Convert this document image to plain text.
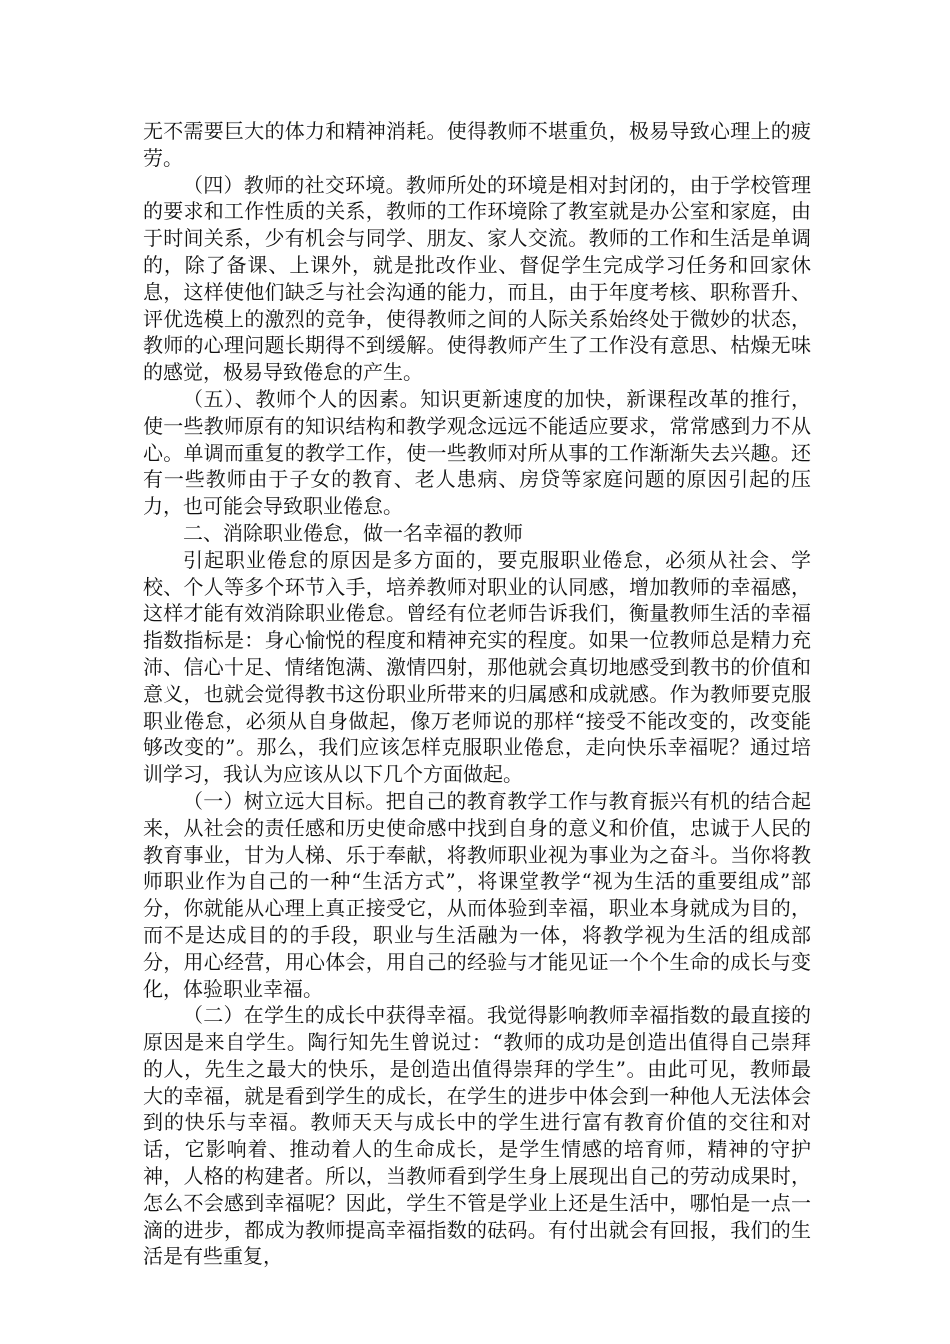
无不需要巨大的体力和精神消耗。使得教师不堪重负，极易导致心理上的疲劳。

（四）教师的社交环境。教师所处的环境是相对封闭的，由于学校管理的要求和工作性质的关系，教师的工作环境除了教室就是办公室和家庭，由于时间关系，少有机会与同学、朋友、家人交流。教师的工作和生活是单调的，除了备课、上课外，就是批改作业、督促学生完成学习任务和回家休息，这样使他们缺乏与社会沟通的能力，而且，由于年度考核、职称晋升、评优选模上的激烈的竞争，使得教师之间的人际关系始终处于微妙的状态，教师的心理问题长期得不到缓解。使得教师产生了工作没有意思、枯燥无味的感觉，极易导致倦怠的产生。

（五）、教师个人的因素。知识更新速度的加快，新课程改革的推行，使一些教师原有的知识结构和教学观念远远不能适应要求，常常感到力不从心。单调而重复的教学工作，使一些教师对所从事的工作渐渐失去兴趣。还有一些教师由于子女的教育、老人患病、房贷等家庭问题的原因引起的压力，也可能会导致职业倦怠。

二、消除职业倦怠，做一名幸福的教师

引起职业倦怠的原因是多方面的，要克服职业倦怠，必须从社会、学校、个人等多个环节入手，培养教师对职业的认同感，增加教师的幸福感，这样才能有效消除职业倦怠。曾经有位老师告诉我们，衡量教师生活的幸福指数指标是：身心愉悦的程度和精神充实的程度。如果一位教师总是精力充沛、信心十足、情绪饱满、激情四射，那他就会真切地感受到教书的价值和意义，也就会觉得教书这份职业所带来的归属感和成就感。作为教师要克服职业倦怠，必须从自身做起，像万老师说的那样“接受不能改变的，改变能够改变的”。那么，我们应该怎样克服职业倦怠，走向快乐幸福呢？通过培训学习，我认为应该从以下几个方面做起。

（一）树立远大目标。把自己的教育教学工作与教育振兴有机的结合起来，从社会的责任感和历史使命感中找到自身的意义和价值，忠诚于人民的教育事业，甘为人梯、乐于奉献，将教师职业视为事业为之奋斗。当你将教师职业作为自己的一种“生活方式”，将课堂教学“视为生活的重要组成”部分，你就能从心理上真正接受它，从而体验到幸福，职业本身就成为目的，而不是达成目的的手段，职业与生活融为一体，将教学视为生活的组成部分，用心经营，用心体会，用自己的经验与才能见证一个个生命的成长与变化，体验职业幸福。

（二）在学生的成长中获得幸福。我觉得影响教师幸福指数的最直接的原因是来自学生。陶行知先生曾说过：“教师的成功是创造出值得自己崇拜的人，先生之最大的快乐，是创造出值得崇拜的学生”。由此可见，教师最大的幸福，就是看到学生的成长，在学生的进步中体会到一种他人无法体会到的快乐与幸福。教师天天与成长中的学生进行富有教育价值的交往和对话，它影响着、推动着人的生命成长，是学生情感的培育师，精神的守护神，人格的构建者。所以，当教师看到学生身上展现出自己的劳动成果时，怎么不会感到幸福呢？因此，学生不管是学业上还是生活中，哪怕是一点一滴的进步，都成为教师提高幸福指数的砝码。有付出就会有回报，我们的生活是有些重复，
